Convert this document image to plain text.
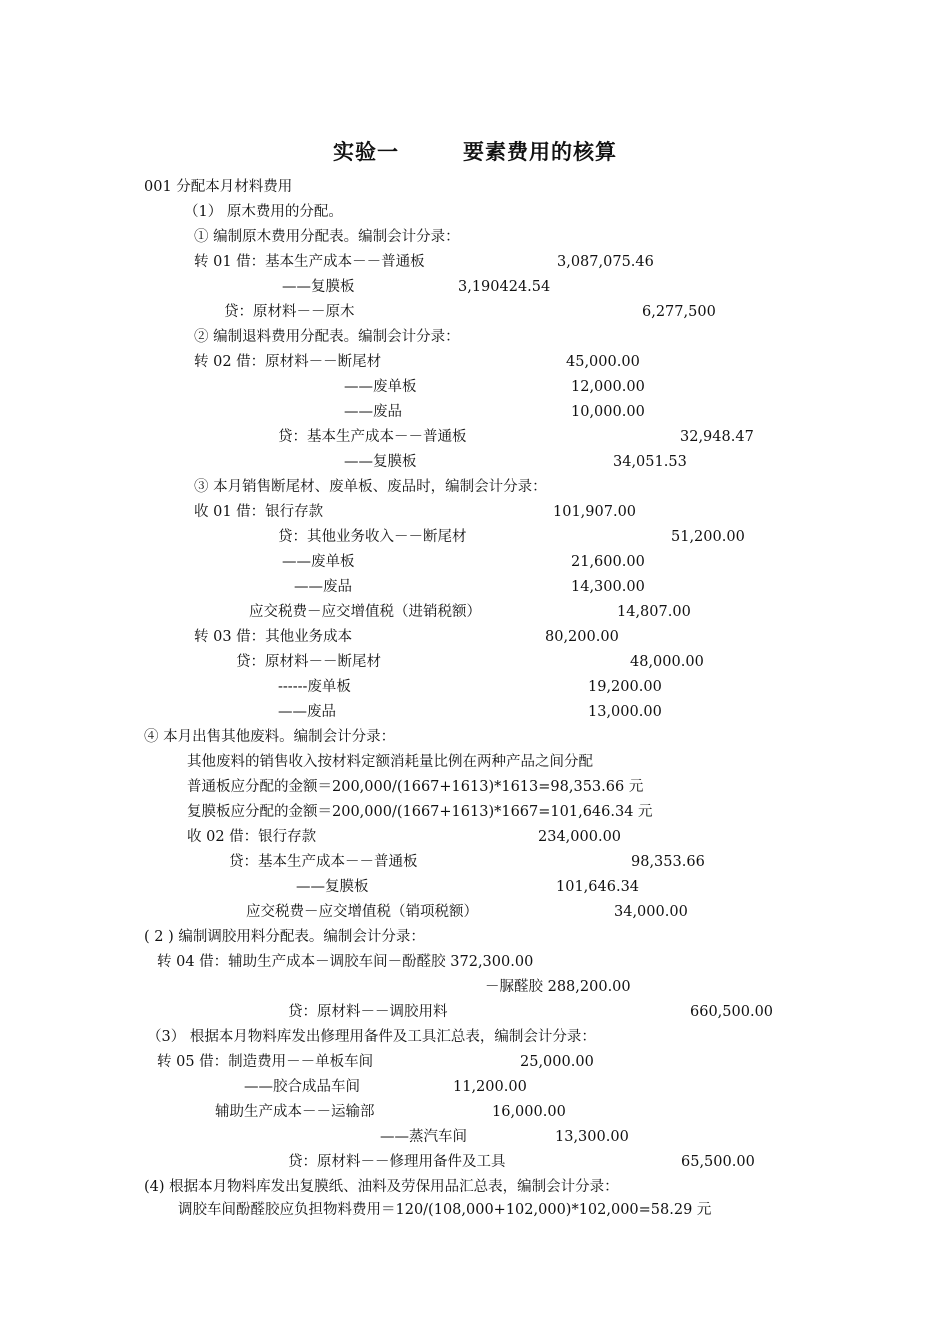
实验一	要素费用的核算
001 分配本月材料费用
（1） 原木费用的分配。
① 编制原木费用分配表。编制会计分录：
转 01 借：基本生产成本－－普通板	3,087,075.46
——复膜板	3,190424.54
贷：原材料－－原木	6,277,500
② 编制退料费用分配表。编制会计分录：
转 02 借：原材料－－断尾材	45,000.00
——废单板	12,000.00
——废品	10,000.00
贷：基本生产成本－－普通板	32,948.47
——复膜板	34,051.53
③ 本月销售断尾材、废单板、废品时，编制会计分录：
收 01 借：银行存款	101,907.00
贷：其他业务收入－－断尾材	51,200.00
——废单板	21,600.00
——废品	14,300.00
应交税费－应交增值税（进销税额）	14,807.00
转 03 借：其他业务成本	80,200.00
贷：原材料－－断尾材	48,000.00
------废单板	19,200.00
——废品	13,000.00
④ 本月出售其他废料。编制会计分录：
其他废料的销售收入按材料定额消耗量比例在两种产品之间分配
普通板应分配的金额＝200,000/(1667+1613)*1613=98,353.66 元
复膜板应分配的金额＝200,000/(1667+1613)*1667=101,646.34 元
收 02 借：银行存款	234,000.00
贷：基本生产成本－－普通板	98,353.66
——复膜板	101,646.34
应交税费－应交增值税（销项税额）	34,000.00
( 2 ) 编制调胶用料分配表。编制会计分录：
转 04 借：辅助生产成本－调胶车间－酚醛胶 372,300.00
－脲醛胶 288,200.00
贷：原材料－－调胶用料	660,500.00
（3） 根据本月物料库发出修理用备件及工具汇总表，编制会计分录：
转 05 借：制造费用－－单板车间	25,000.00
——胶合成品车间	11,200.00
辅助生产成本－－运输部	16,000.00
——蒸汽车间	13,300.00
贷：原材料－－修理用备件及工具	65,500.00
(4) 根据本月物料库发出复膜纸、油料及劳保用品汇总表，编制会计分录：
调胶车间酚醛胶应负担物料费用＝120/(108,000+102,000)*102,000=58.29 元
